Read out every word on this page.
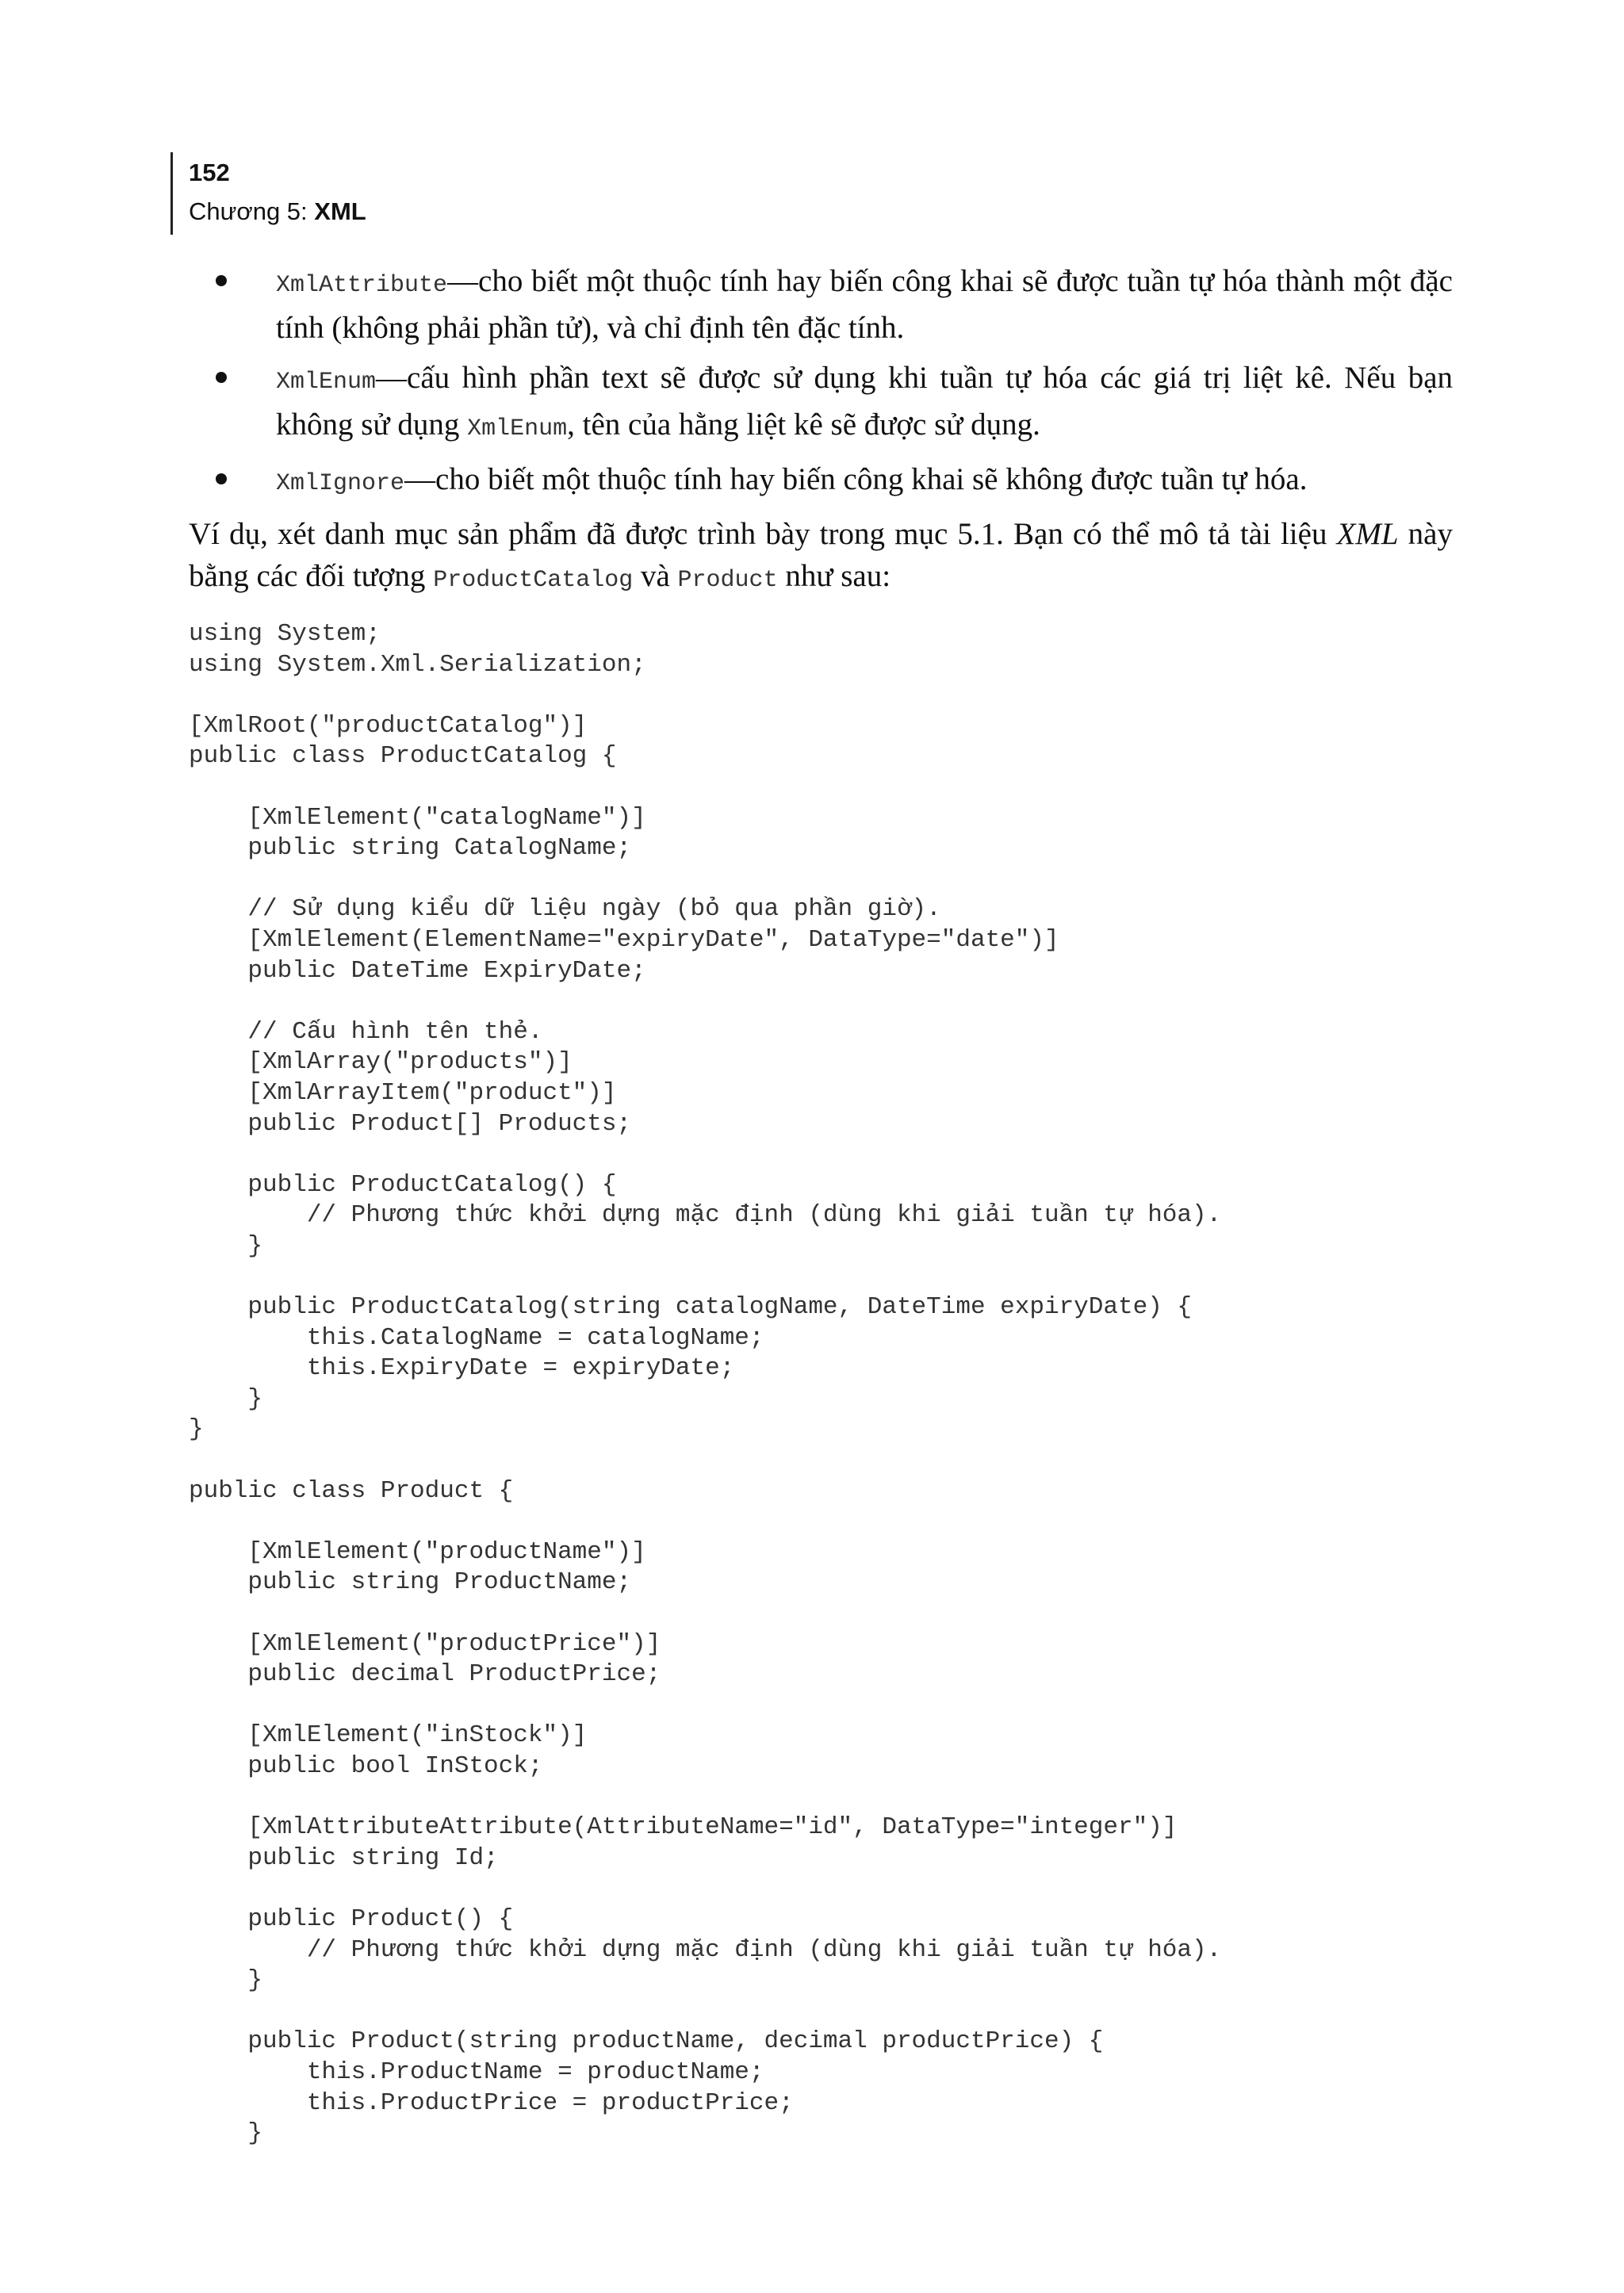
152
Chương 5: XML
XmlAttribute—cho biết một thuộc tính hay biến công khai sẽ được tuần tự hóa thành một đặc tính (không phải phần tử), và chỉ định tên đặc tính.
XmlEnum—cấu hình phần text sẽ được sử dụng khi tuần tự hóa các giá trị liệt kê. Nếu bạn không sử dụng XmlEnum, tên của hằng liệt kê sẽ được sử dụng.
XmlIgnore—cho biết một thuộc tính hay biến công khai sẽ không được tuần tự hóa.

Ví dụ, xét danh mục sản phẩm đã được trình bày trong mục 5.1. Bạn có thể mô tả tài liệu XML này bằng các đối tượng ProductCatalog và Product như sau:

using System;
using System.Xml.Serialization;

[XmlRoot("productCatalog")]
public class ProductCatalog {

[XmlElement("catalogName")]
public string CatalogName;

// Sử dụng kiểu dữ liệu ngày (bỏ qua phần giờ).
[XmlElement(ElementName="expiryDate", DataType="date")]
public DateTime ExpiryDate;

// Cấu hình tên thẻ.
[XmlArray("products")]
[XmlArrayItem("product")]
public Product[] Products;

public ProductCatalog() {
// Phương thức khởi dựng mặc định (dùng khi giải tuần tự hóa).
}

public ProductCatalog(string catalogName, DateTime expiryDate) {
this.CatalogName = catalogName;
this.ExpiryDate = expiryDate;
}
}

public class Product {

[XmlElement("productName")]
public string ProductName;

[XmlElement("productPrice")]
public decimal ProductPrice;

[XmlElement("inStock")]
public bool InStock;

[XmlAttributeAttribute(AttributeName="id", DataType="integer")]
public string Id;

public Product() {
// Phương thức khởi dựng mặc định (dùng khi giải tuần tự hóa).
}

public Product(string productName, decimal productPrice) {
this.ProductName = productName;
this.ProductPrice = productPrice;
}
